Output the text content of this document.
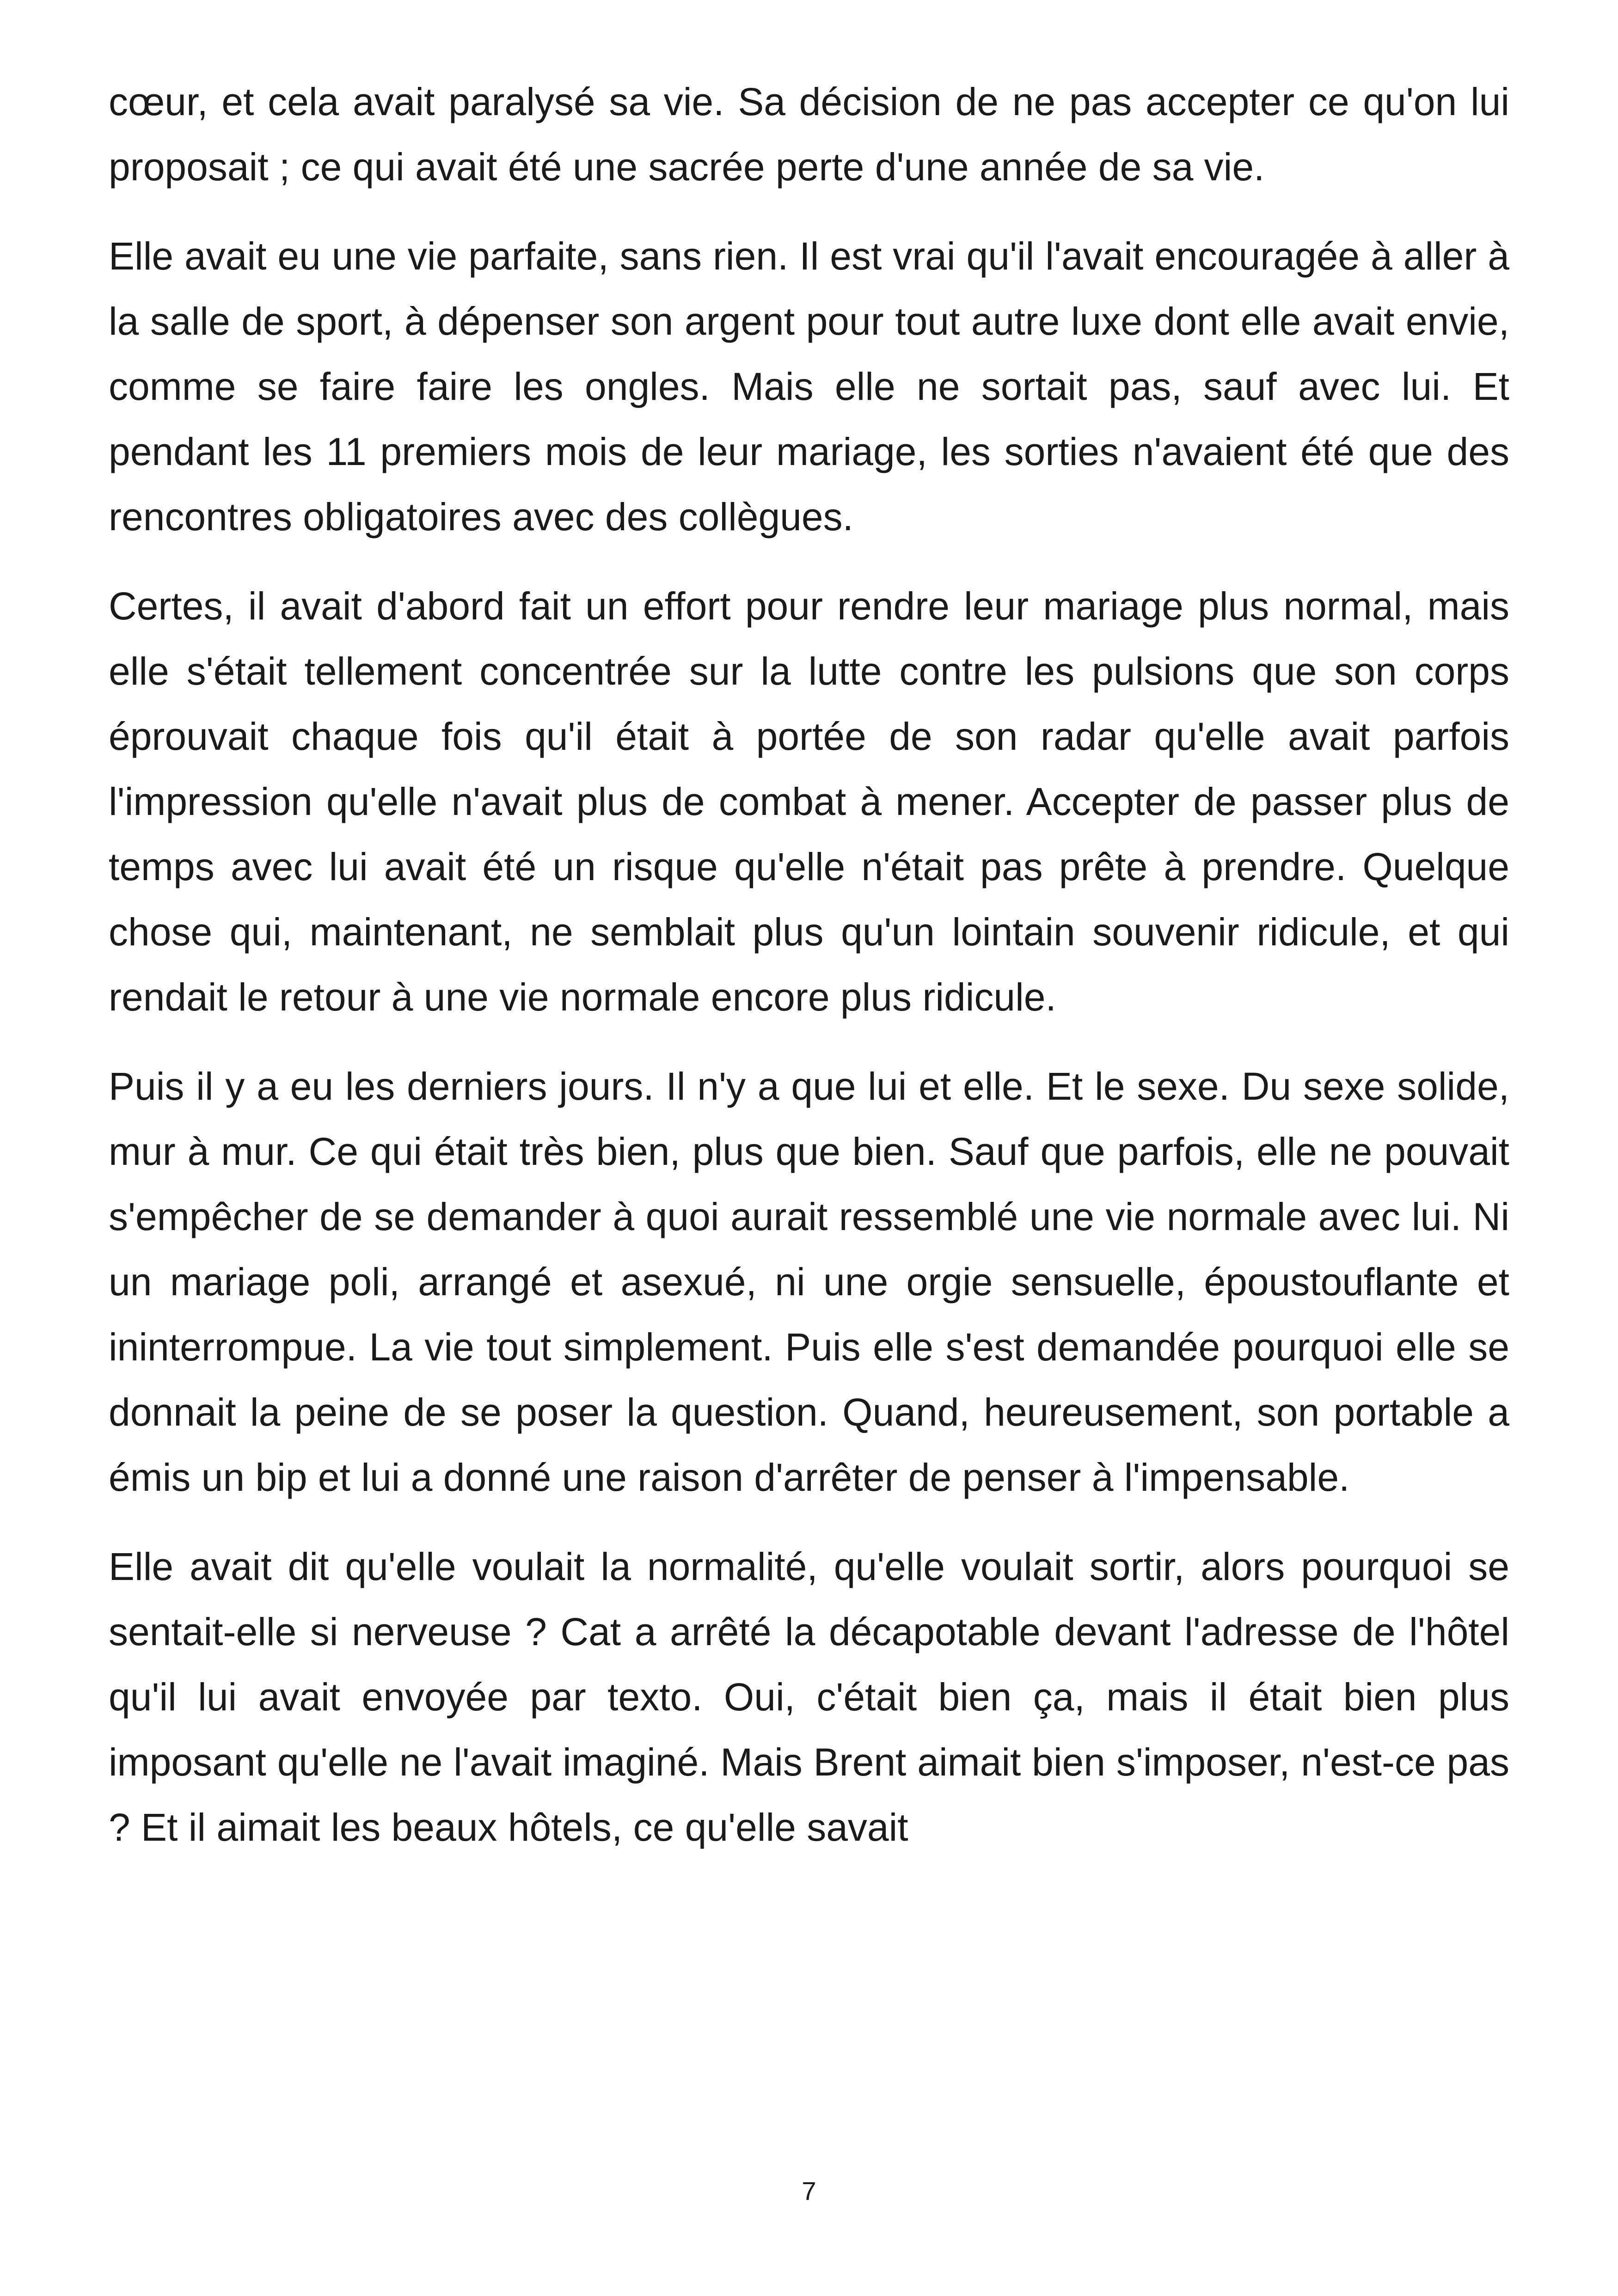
cœur, et cela avait paralysé sa vie. Sa décision de ne pas accepter ce qu'on lui proposait ; ce qui avait été une sacrée perte d'une année de sa vie.

Elle avait eu une vie parfaite, sans rien. Il est vrai qu'il l'avait encouragée à aller à la salle de sport, à dépenser son argent pour tout autre luxe dont elle avait envie, comme se faire faire les ongles. Mais elle ne sortait pas, sauf avec lui. Et pendant les 11 premiers mois de leur mariage, les sorties n'avaient été que des rencontres obligatoires avec des collègues.

Certes, il avait d'abord fait un effort pour rendre leur mariage plus normal, mais elle s'était tellement concentrée sur la lutte contre les pulsions que son corps éprouvait chaque fois qu'il était à portée de son radar qu'elle avait parfois l'impression qu'elle n'avait plus de combat à mener. Accepter de passer plus de temps avec lui avait été un risque qu'elle n'était pas prête à prendre. Quelque chose qui, maintenant, ne semblait plus qu'un lointain souvenir ridicule, et qui rendait le retour à une vie normale encore plus ridicule.

Puis il y a eu les derniers jours. Il n'y a que lui et elle. Et le sexe. Du sexe solide, mur à mur. Ce qui était très bien, plus que bien. Sauf que parfois, elle ne pouvait s'empêcher de se demander à quoi aurait ressemblé une vie normale avec lui. Ni un mariage poli, arrangé et asexué, ni une orgie sensuelle, époustouflante et ininterrompue. La vie tout simplement. Puis elle s'est demandée pourquoi elle se donnait la peine de se poser la question. Quand, heureusement, son portable a émis un bip et lui a donné une raison d'arrêter de penser à l'impensable.

Elle avait dit qu'elle voulait la normalité, qu'elle voulait sortir, alors pourquoi se sentait-elle si nerveuse ? Cat a arrêté la décapotable devant l'adresse de l'hôtel qu'il lui avait envoyée par texto. Oui, c'était bien ça, mais il était bien plus imposant qu'elle ne l'avait imaginé. Mais Brent aimait bien s'imposer, n'est-ce pas ? Et il aimait les beaux hôtels, ce qu'elle savait

7
